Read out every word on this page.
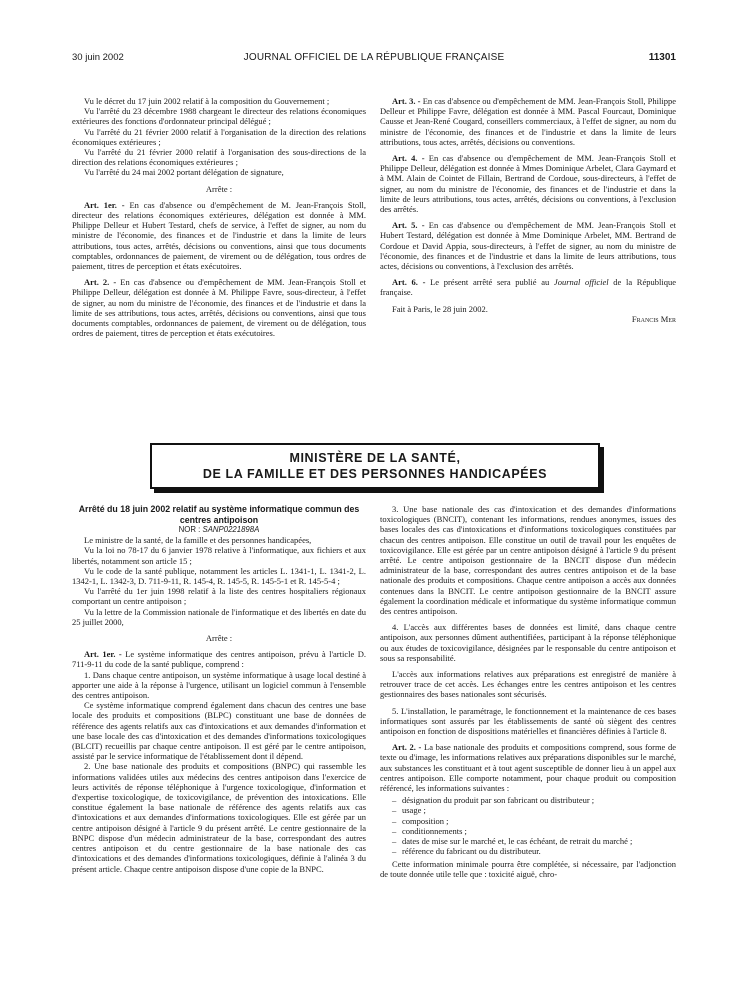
30 juin 2002	JOURNAL OFFICIEL DE LA RÉPUBLIQUE FRANÇAISE	11301

Vu le décret du 17 juin 2002 relatif à la composition du Gouvernement ;

Vu l'arrêté du 23 décembre 1988 chargeant le directeur des relations économiques extérieures des fonctions d'ordonnateur principal délégué ;

Vu l'arrêté du 21 février 2000 relatif à l'organisation de la direction des relations économiques extérieures ;

Vu l'arrêté du 21 février 2000 relatif à l'organisation des sous-directions de la direction des relations économiques extérieures ;

Vu l'arrêté du 24 mai 2002 portant délégation de signature,

Arrête :

Art. 1er. - En cas d'absence ou d'empêchement de M. Jean-François Stoll, directeur des relations économiques extérieures, délégation est donnée à MM. Philippe Delleur et Hubert Testard, chefs de service, à l'effet de signer, au nom du ministre de l'économie, des finances et de l'industrie et dans la limite de leurs attributions, tous actes, arrêtés, décisions ou conventions, ainsi que tous documents comptables, ordonnances de paiement, de virement ou de délégation, tous ordres de paiement, titres de perception et états exécutoires.

Art. 2. - En cas d'absence ou d'empêchement de MM. Jean-François Stoll et Philippe Delleur, délégation est donnée à M. Philippe Favre, sous-directeur, à l'effet de signer, au nom du ministre de l'économie, des finances et de l'industrie et dans la limite de ses attributions, tous actes, arrêtés, décisions ou conventions, ainsi que tous documents comptables, ordonnances de paiement, de virement ou de délégation, tous ordres de paiement, titres de perception et états exécutoires.

Art. 3. - En cas d'absence ou d'empêchement de MM. Jean-François Stoll, Philippe Delleur et Philippe Favre, délégation est donnée à MM. Pascal Fourcaut, Dominique Causse et Jean-René Cougard, conseillers commerciaux, à l'effet de signer, au nom du ministre de l'économie, des finances et de l'industrie et dans la limite de leurs attributions, tous actes, arrêtés, décisions ou conventions.

Art. 4. - En cas d'absence ou d'empêchement de MM. Jean-François Stoll et Philippe Delleur, délégation est donnée à Mmes Dominique Arbelet, Clara Gaymard et à MM. Alain de Cointet de Fillain, Bertrand de Cordoue, sous-directeurs, à l'effet de signer, au nom du ministre de l'économie, des finances et de l'industrie et dans la limite de leurs attributions, tous actes, arrêtés, décisions ou conventions, à l'exclusion des arrêtés.

Art. 5. - En cas d'absence ou d'empêchement de MM. Jean-François Stoll et Hubert Testard, délégation est donnée à Mme Dominique Arbelet, MM. Bertrand de Cordoue et David Appia, sous-directeurs, à l'effet de signer, au nom du ministre de l'économie, des finances et de l'industrie et dans la limite de leurs attributions, tous actes, décisions ou conventions, à l'exclusion des arrêtés.

Art. 6. - Le présent arrêté sera publié au Journal officiel de la République française.

Fait à Paris, le 28 juin 2002.

Francis Mer

MINISTÈRE DE LA SANTÉ,
DE LA FAMILLE ET DES PERSONNES HANDICAPÉES

Arrêté du 18 juin 2002 relatif au système informatique commun des centres antipoison

NOR : SANP0221898A

Le ministre de la santé, de la famille et des personnes handicapées,

Vu la loi no 78-17 du 6 janvier 1978 relative à l'informatique, aux fichiers et aux libertés, notamment son article 15 ;

Vu le code de la santé publique, notamment les articles L. 1341-1, L. 1341-2, L. 1342-1, L. 1342-3, D. 711-9-11, R. 145-4, R. 145-5, R. 145-5-1 et R. 145-5-4 ;

Vu l'arrêté du 1er juin 1998 relatif à la liste des centres hospitaliers régionaux comportant un centre antipoison ;

Vu la lettre de la Commission nationale de l'informatique et des libertés en date du 25 juillet 2000,

Arrête :

Art. 1er. - Le système informatique des centres antipoison, prévu à l'article D. 711-9-11 du code de la santé publique, comprend :

1. Dans chaque centre antipoison, un système informatique à usage local destiné à apporter une aide à la réponse à l'urgence, utilisant un logiciel commun à l'ensemble des centres antipoison.

Ce système informatique comprend également dans chacun des centres une base locale des produits et compositions (BLPC) constituant une base de données de référence des agents relatifs aux cas d'intoxications et aux demandes d'information et une base locale des cas d'intoxication et des demandes d'informations toxicologiques (BLCIT) recueillis par chaque centre antipoison. Il est géré par le centre antipoison, assisté par le service informatique de l'établissement dont il dépend.

2. Une base nationale des produits et compositions (BNPC) qui rassemble les informations validées utiles aux médecins des centres antipoison dans l'exercice de leurs activités de réponse téléphonique à l'urgence toxicologique, d'information et d'expertise toxicologique, de toxicovigilance, de prévention des intoxications. Elle constitue également la base nationale de référence des agents relatifs aux cas d'intoxications et aux demandes d'informations toxicologiques. Elle est gérée par un centre antipoison désigné à l'article 9 du présent arrêté. Le centre gestionnaire de la BNPC dispose d'un médecin administrateur de la base, correspondant des autres centres antipoison et du centre gestionnaire de la base nationale des cas d'intoxications et des demandes d'informations toxicologiques, définie à l'alinéa 3 du présent article. Chaque centre antipoison dispose d'une copie de la BNPC.

3. Une base nationale des cas d'intoxication et des demandes d'informations toxicologiques (BNCIT), contenant les informations, rendues anonymes, issues des bases locales des cas d'intoxications et d'informations toxicologiques constituées par chacun des centres antipoison. Elle constitue un outil de travail pour les enquêtes de toxicovigilance. Elle est gérée par un centre antipoison désigné à l'article 9 du présent arrêté. Le centre antipoison gestionnaire de la BNCIT dispose d'un médecin administrateur de la base, correspondant des autres centres antipoison et de la base nationale des produits et compositions. Chaque centre antipoison a accès aux données contenues dans la BNCIT. Le centre antipoison gestionnaire de la BNCIT assure également la coordination médicale et informatique du système informatique commun des centres antipoison.

4. L'accès aux différentes bases de données est limité, dans chaque centre antipoison, aux personnes dûment authentifiées, participant à la réponse téléphonique ou aux études de toxicovigilance, désignées par le responsable du centre antipoison et sous sa responsabilité.

L'accès aux informations relatives aux préparations est enregistré de manière à retrouver trace de cet accès. Les échanges entre les centres antipoison et les centres gestionnaires des bases nationales sont sécurisés.

5. L'installation, le paramétrage, le fonctionnement et la maintenance de ces bases informatiques sont assurés par les établissements de santé où siègent des centres antipoison en fonction de dispositions matérielles et financières définies à l'article 8.

Art. 2. - La base nationale des produits et compositions comprend, sous forme de texte ou d'image, les informations relatives aux préparations disponibles sur le marché, aux substances les constituant et à tout agent susceptible de donner lieu à un appel aux centres antipoison. Elle comporte notamment, pour chaque produit ou composition référencé, les informations suivantes :

– désignation du produit par son fabricant ou distributeur ;
– usage ;
– composition ;
– conditionnements ;
– dates de mise sur le marché et, le cas échéant, de retrait du marché ;
– référence du fabricant ou du distributeur.

Cette information minimale pourra être complétée, si nécessaire, par l'adjonction de toute donnée utile telle que : toxicité aiguë, chro-
